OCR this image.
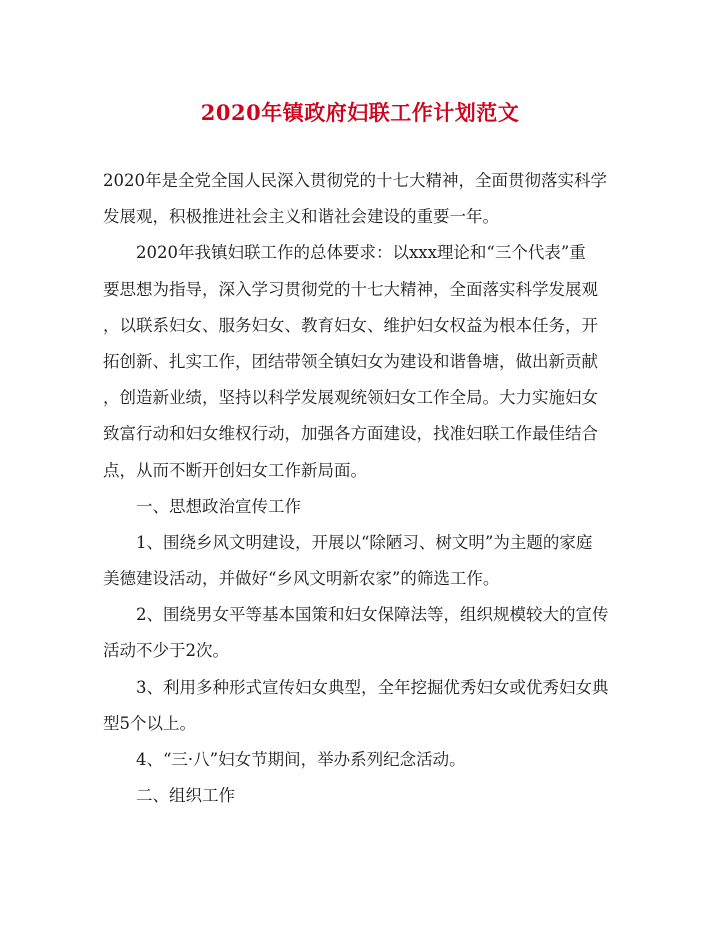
2020年镇政府妇联工作计划范文
2020年是全党全国人民深入贯彻党的十七大精神，全面贯彻落实科学
发展观，积极推进社会主义和谐社会建设的重要一年。
2020年我镇妇联工作的总体要求：以xxx理论和“三个代表”重
要思想为指导，深入学习贯彻党的十七大精神，全面落实科学发展观
，以联系妇女、服务妇女、教育妇女、维护妇女权益为根本任务，开
拓创新、扎实工作，团结带领全镇妇女为建设和谐鲁塘，做出新贡献
，创造新业绩，坚持以科学发展观统领妇女工作全局。大力实施妇女
致富行动和妇女维权行动，加强各方面建设，找准妇联工作最佳结合
点，从而不断开创妇女工作新局面。
一、思想政治宣传工作
1、围绕乡风文明建设，开展以“除陋习、树文明”为主题的家庭
美德建设活动，并做好“乡风文明新农家”的筛选工作。
2、围绕男女平等基本国策和妇女保障法等，组织规模较大的宣传
活动不少于2次。
3、利用多种形式宣传妇女典型，全年挖掘优秀妇女或优秀妇女典
型5个以上。
4、“三·八”妇女节期间，举办系列纪念活动。
二、组织工作
